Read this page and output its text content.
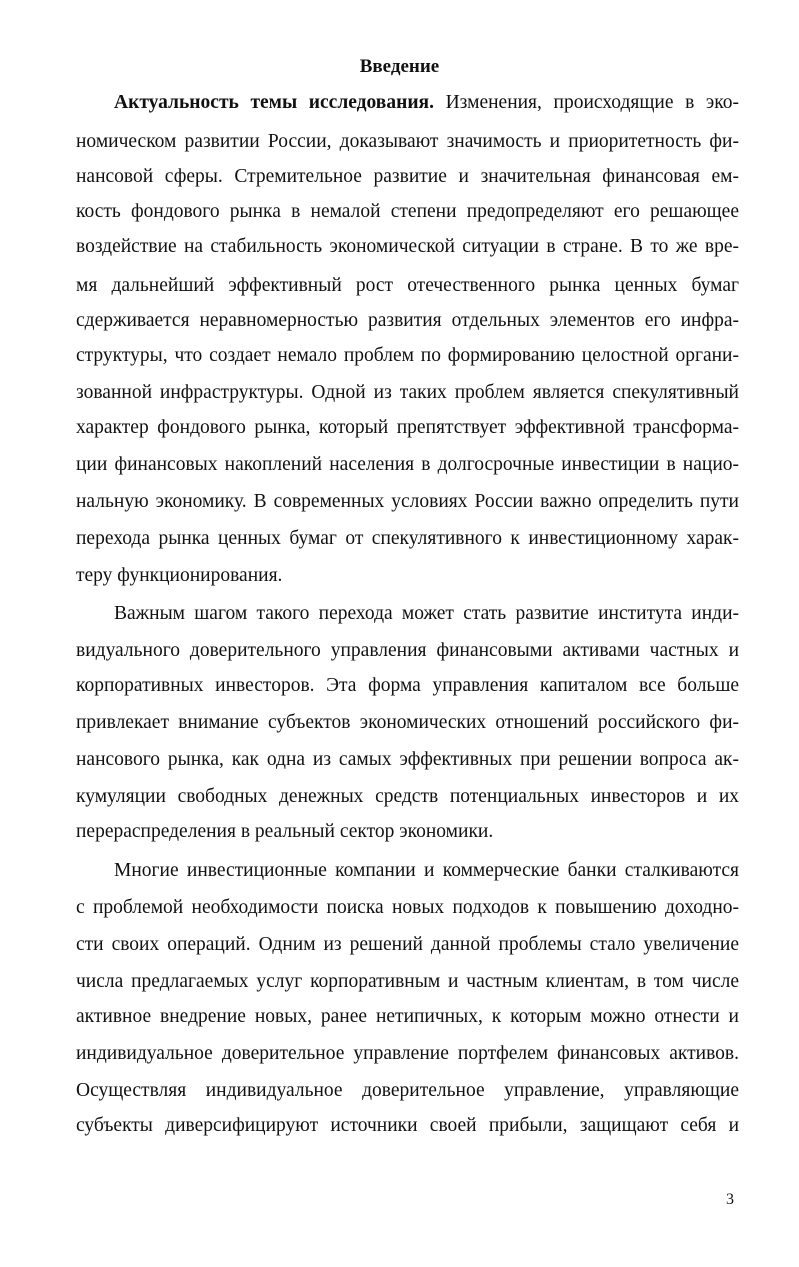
Введение
Актуальность темы исследования. Изменения, происходящие в эко-
номическом развитии России, доказывают значимость и приоритетность фи-
нансовой сферы. Стремительное развитие и значительная финансовая ем-
кость фондового рынка в немалой степени предопределяют его решающее
воздействие на стабильность экономической ситуации в стране. В то же вре-
мя дальнейший эффективный рост отечественного рынка ценных бумаг
сдерживается неравномерностью развития отдельных элементов его инфра-
структуры, что создает немало проблем по формированию целостной органи-
зованной инфраструктуры. Одной из таких проблем является спекулятивный
характер фондового рынка, который препятствует эффективной трансформа-
ции финансовых накоплений населения в долгосрочные инвестиции в нацио-
нальную экономику. В современных условиях России важно определить пути
перехода рынка ценных бумаг от спекулятивного к инвестиционному харак-
теру функционирования.
Важным шагом такого перехода может стать развитие института инди-
видуального доверительного управления финансовыми активами частных и
корпоративных инвесторов. Эта форма управления капиталом все больше
привлекает внимание субъектов экономических отношений российского фи-
нансового рынка, как одна из самых эффективных при решении вопроса ак-
кумуляции свободных денежных средств потенциальных инвесторов и их
перераспределения в реальный сектор экономики.
Многие инвестиционные компании и коммерческие банки сталкиваются
с проблемой необходимости поиска новых подходов к повышению доходно-
сти своих операций. Одним из решений данной проблемы стало увеличение
числа предлагаемых услуг корпоративным и частным клиентам, в том числе
активное внедрение новых, ранее нетипичных, к которым можно отнести и
индивидуальное доверительное управление портфелем финансовых активов.
Осуществляя индивидуальное доверительное управление, управляющие
субъекты диверсифицируют источники своей прибыли, защищают себя и
3
